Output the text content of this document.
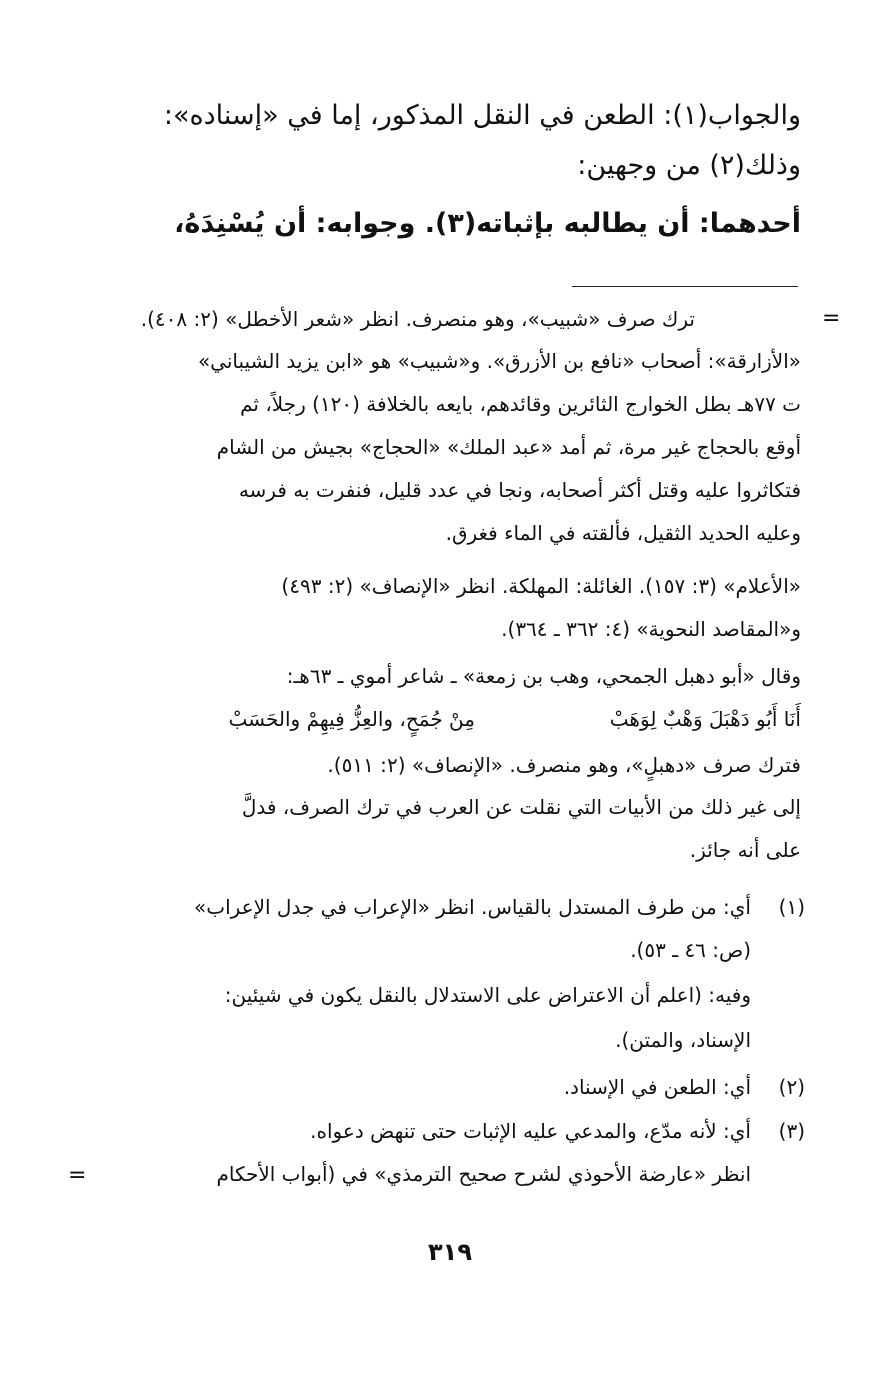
والجواب(١): الطعن في النقل المذكور، إما في «إسناده»:
وذلك(٢) من وجهين:
أحدهما: أن يطالبه بإثباته(٣). وجوابه: أن يُسْنِدَهُ،
=
ترك صرف «شبيب»، وهو منصرف. انظر «شعر الأخطل» (٢: ٤٠٨).
«الأزارقة»: أصحاب «نافع بن الأزرق». و«شبيب» هو «ابن يزيد الشيباني»
ت ٧٧هـ بطل الخوارج الثائرين وقائدهم، بايعه بالخلافة (١٢٠) رجلاً، ثم
أوقع بالحجاج غير مرة، ثم أمد «عبد الملك» «الحجاج» بجيش من الشام
فتكاثروا عليه وقتل أكثر أصحابه، ونجا في عدد قليل، فنفرت به فرسه
وعليه الحديد الثقيل، فألقته في الماء فغرق.
«الأعلام» (٣: ١٥٧). الغائلة: المهلكة. انظر «الإنصاف» (٢: ٤٩٣)
و«المقاصد النحوية» (٤: ٣٦٢ ـ ٣٦٤).
وقال «أبو دهبل الجمحي، وهب بن زمعة» ـ شاعر أموي ـ ٦٣هـ:
أَنَا أَبُو دَهْبَلَ وَهْبٌ لِوَهَبْ
مِنْ جُمَحٍ، والعِزُّ فِيهِمْ والحَسَبْ
فترك صرف «دهبلٍ»، وهو منصرف. «الإنصاف» (٢: ٥١١).
إلى غير ذلك من الأبيات التي نقلت عن العرب في ترك الصرف، فدلَّ
على أنه جائز.
(١)
أي: من طرف المستدل بالقياس. انظر «الإعراب في جدل الإعراب»
(ص: ٤٦ ـ ٥٣).
وفيه: (اعلم أن الاعتراض على الاستدلال بالنقل يكون في شيئين:
الإسناد، والمتن).
(٢)
أي: الطعن في الإسناد.
(٣)
أي: لأنه مدّع، والمدعي عليه الإثبات حتى تنهض دعواه.
انظر «عارضة الأحوذي لشرح صحيح الترمذي» في (أبواب الأحكام
=
٣١٩
